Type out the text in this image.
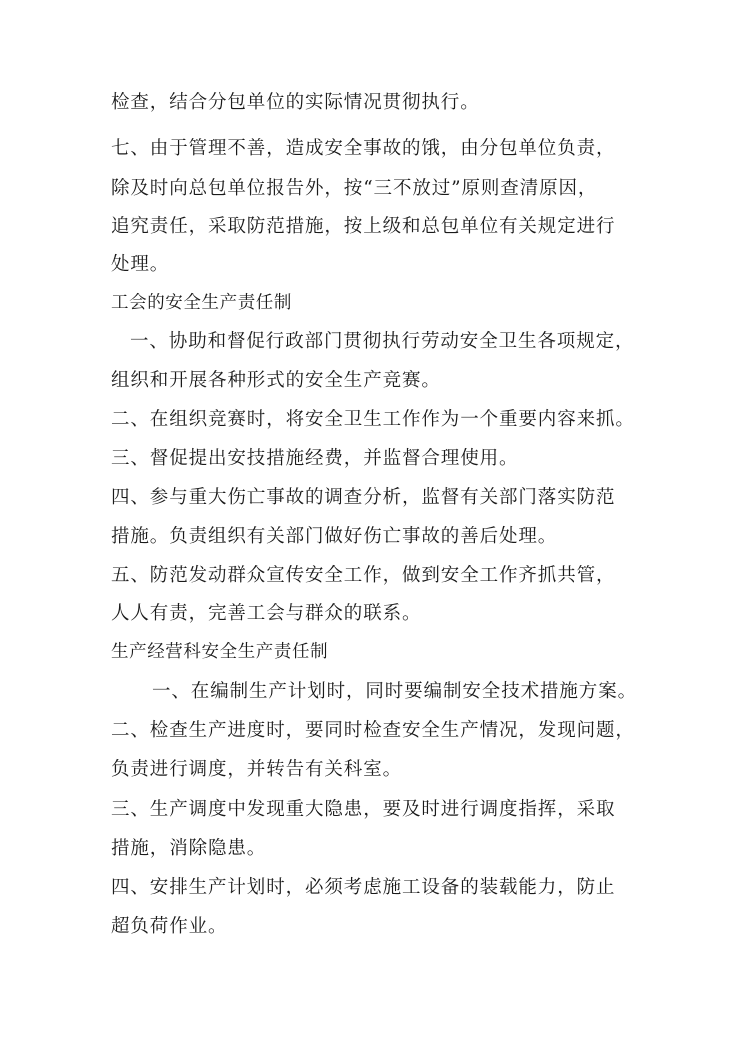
检查，结合分包单位的实际情况贯彻执行。
七、由于管理不善，造成安全事故的饿，由分包单位负责，
除及时向总包单位报告外，按“三不放过”原则查清原因，
追究责任，采取防范措施，按上级和总包单位有关规定进行
处理。
工会的安全生产责任制
一、协助和督促行政部门贯彻执行劳动安全卫生各项规定，
组织和开展各种形式的安全生产竞赛。
二、在组织竞赛时，将安全卫生工作作为一个重要内容来抓。
三、督促提出安技措施经费，并监督合理使用。
四、参与重大伤亡事故的调查分析，监督有关部门落实防范
措施。负责组织有关部门做好伤亡事故的善后处理。
五、防范发动群众宣传安全工作，做到安全工作齐抓共管，
人人有责，完善工会与群众的联系。
生产经营科安全生产责任制
一、在编制生产计划时，同时要编制安全技术措施方案。
二、检查生产进度时，要同时检查安全生产情况，发现问题，
负责进行调度，并转告有关科室。
三、生产调度中发现重大隐患，要及时进行调度指挥，采取
措施，消除隐患。
四、安排生产计划时，必须考虑施工设备的装载能力，防止
超负荷作业。
